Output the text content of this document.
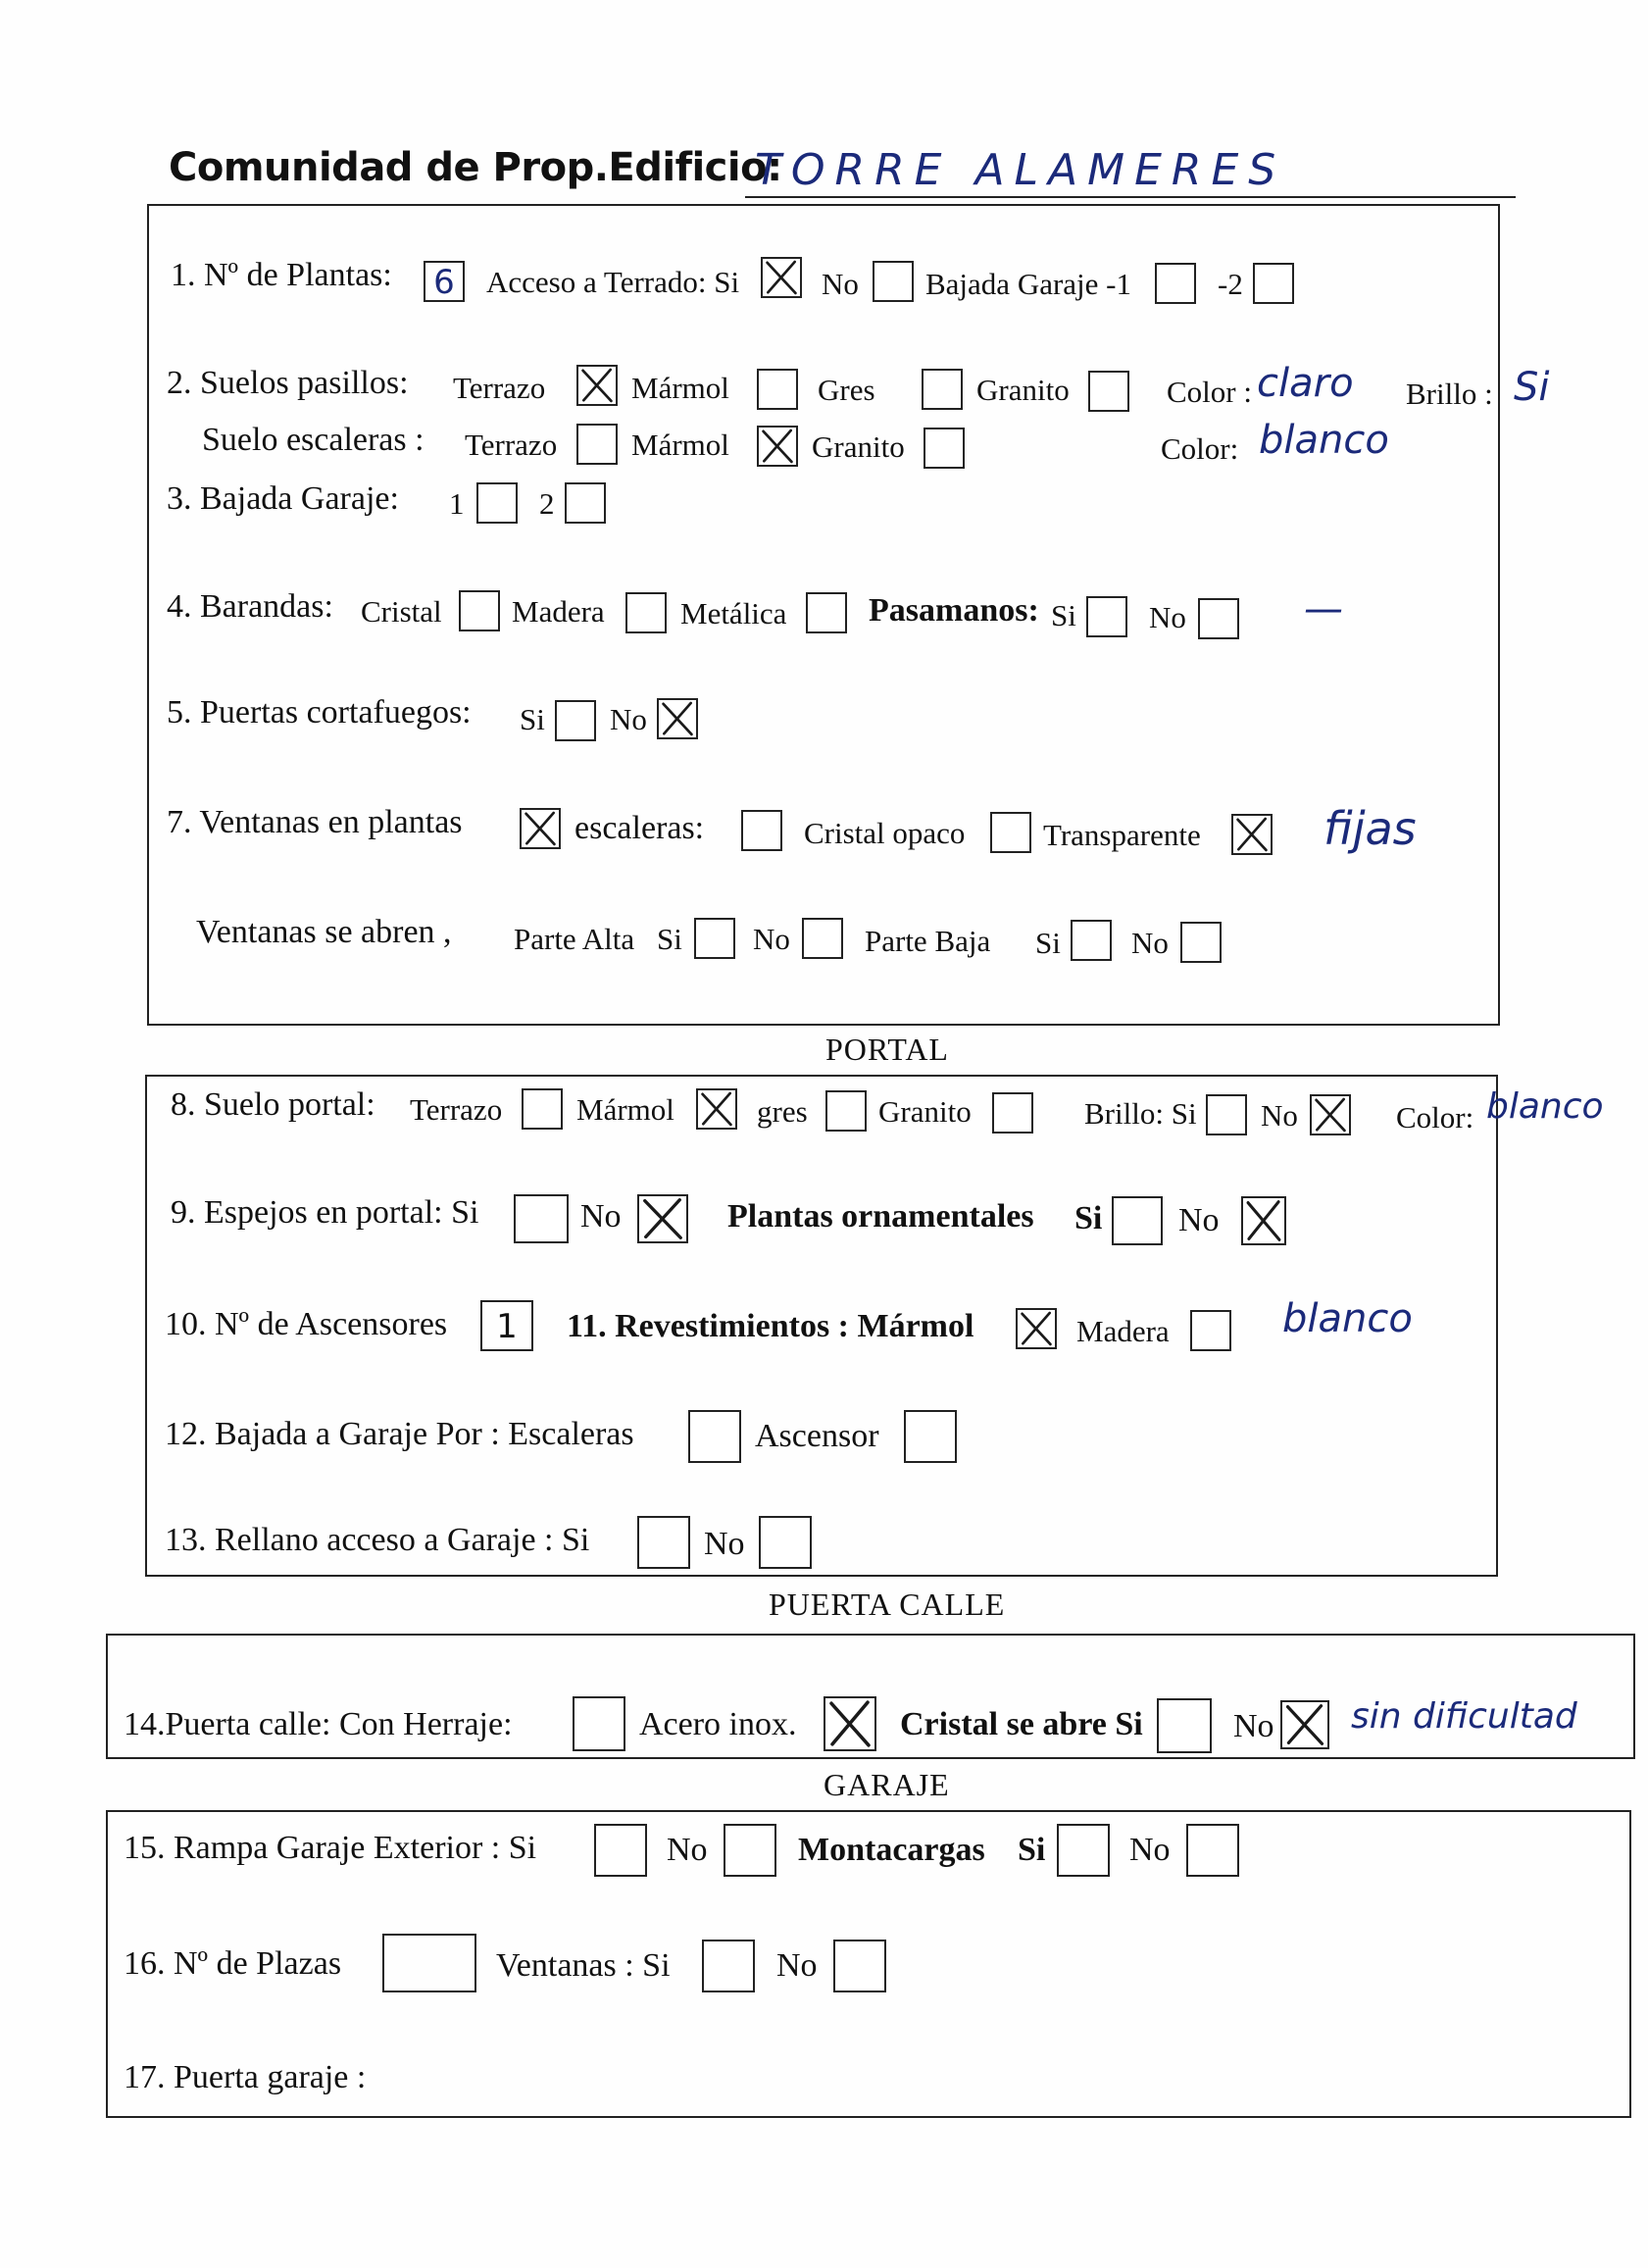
Comunidad de Prop.Edificio:
TORRE ALAMERES
1. Nº de Plantas: 6	Acceso a Terrado: Si	No Bajada Garaje -1	-2
2. Suelos pasillos: Terrazo	Mármol	Gres	Granito	Color : claro Brillo : Si
Suelo escaleras : Terrazo Mármol	Granito	Color: blanco
3. Bajada Garaje: 1 2
4. Barandas: Cristal Madera Metálica Pasamanos: Si No	—
5. Puertas cortafuegos: Si No
7. Ventanas en plantas	escaleras:	Cristal opaco	Transparente	fijas
Ventanas se abren , Parte Alta Si No Parte Baja Si No
PORTAL
8. Suelo portal: Terrazo Mármol	gres Granito	Brillo: Si No	Color: blanco
9. Espejos en portal: Si	No	Plantas ornamentales Si No
10. Nº de Ascensores	1	11. Revestimientos : Mármol	Madera	blanco
12. Bajada a Garaje Por : Escaleras	Ascensor
13. Rellano acceso a Garaje : Si	No
PUERTA CALLE
14.Puerta calle: Con Herraje:	Acero inox.	Cristal se abre Si	No sin dificultad
GARAJE
15. Rampa Garaje Exterior : Si	No	Montacargas Si	No
16. Nº de Plazas	Ventanas : Si	No
17. Puerta garaje :
